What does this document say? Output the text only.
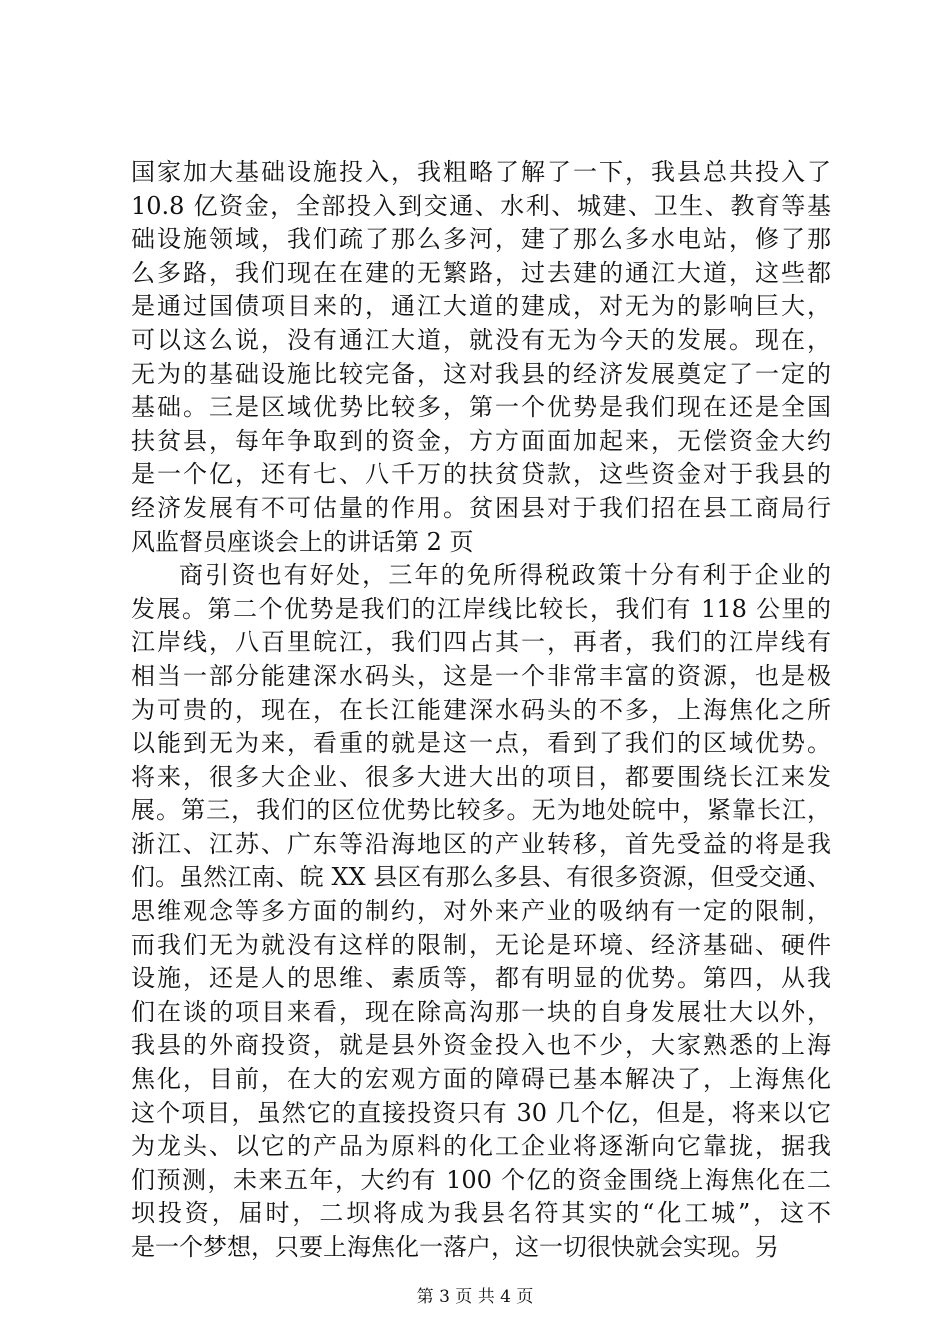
国家加大基础设施投入，我粗略了解了一下，我县总共投入了
10.8 亿资金，全部投入到交通、水利、城建、卫生、教育等基
础设施领域，我们疏了那么多河，建了那么多水电站，修了那
么多路，我们现在在建的无繁路，过去建的通江大道，这些都
是通过国债项目来的，通江大道的建成，对无为的影响巨大，
可以这么说，没有通江大道，就没有无为今天的发展。现在，
无为的基础设施比较完备，这对我县的经济发展奠定了一定的
基础。三是区域优势比较多，第一个优势是我们现在还是全国
扶贫县，每年争取到的资金，方方面面加起来，无偿资金大约
是一个亿，还有七、八千万的扶贫贷款，这些资金对于我县的
经济发展有不可估量的作用。贫困县对于我们招在县工商局行
风监督员座谈会上的讲话第 2 页
商引资也有好处，三年的免所得税政策十分有利于企业的
发展。第二个优势是我们的江岸线比较长，我们有 118 公里的
江岸线，八百里皖江，我们四占其一，再者，我们的江岸线有
相当一部分能建深水码头，这是一个非常丰富的资源，也是极
为可贵的，现在，在长江能建深水码头的不多，上海焦化之所
以能到无为来，看重的就是这一点，看到了我们的区域优势。
将来，很多大企业、很多大进大出的项目，都要围绕长江来发
展。第三，我们的区位优势比较多。无为地处皖中，紧靠长江，
浙江、江苏、广东等沿海地区的产业转移，首先受益的将是我
们。虽然江南、皖 XX 县区有那么多县、有很多资源，但受交通、
思维观念等多方面的制约，对外来产业的吸纳有一定的限制，
而我们无为就没有这样的限制，无论是环境、经济基础、硬件
设施，还是人的思维、素质等，都有明显的优势。第四，从我
们在谈的项目来看，现在除高沟那一块的自身发展壮大以外，
我县的外商投资，就是县外资金投入也不少，大家熟悉的上海
焦化，目前，在大的宏观方面的障碍已基本解决了，上海焦化
这个项目，虽然它的直接投资只有 30 几个亿，但是，将来以它
为龙头、以它的产品为原料的化工企业将逐渐向它靠拢，据我
们预测，未来五年，大约有 100 个亿的资金围绕上海焦化在二
坝投资，届时，二坝将成为我县名符其实的“化工城”，这不
是一个梦想，只要上海焦化一落户，这一切很快就会实现。另
第 3 页 共 4 页
